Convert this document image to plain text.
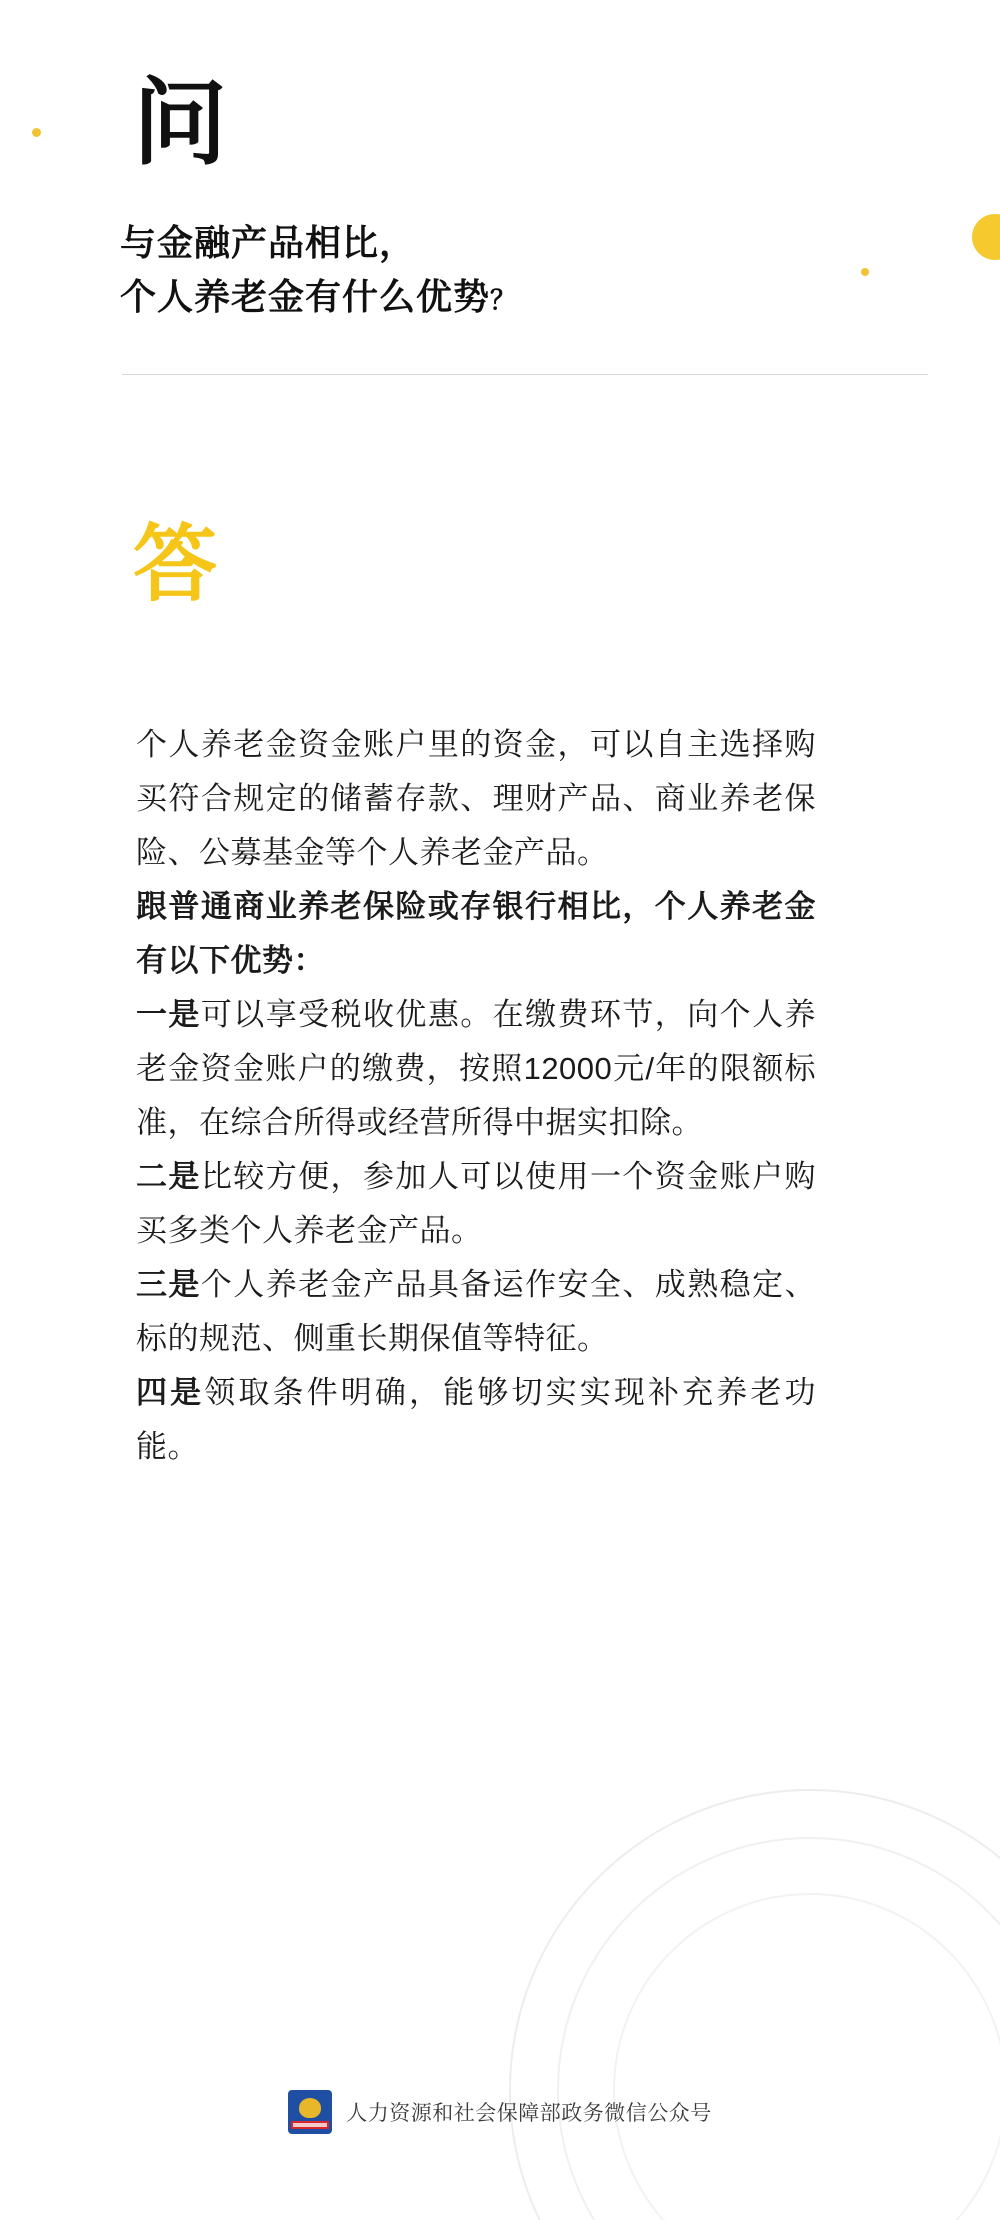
问
与金融产品相比，
个人养老金有什么优势？
答

个人养老金资金账户里的资金，可以自主选择购买符合规定的储蓄存款、理财产品、商业养老保险、公募基金等个人养老金产品。

跟普通商业养老保险或存银行相比，个人养老金有以下优势：

一是可以享受税收优惠。在缴费环节，向个人养老金资金账户的缴费，按照12000元/年的限额标准，在综合所得或经营所得中据实扣除。

二是比较方便，参加人可以使用一个资金账户购买多类个人养老金产品。

三是个人养老金产品具备运作安全、成熟稳定、标的规范、侧重长期保值等特征。

四是领取条件明确，能够切实实现补充养老功能。

人力资源和社会保障部政务微信公众号
